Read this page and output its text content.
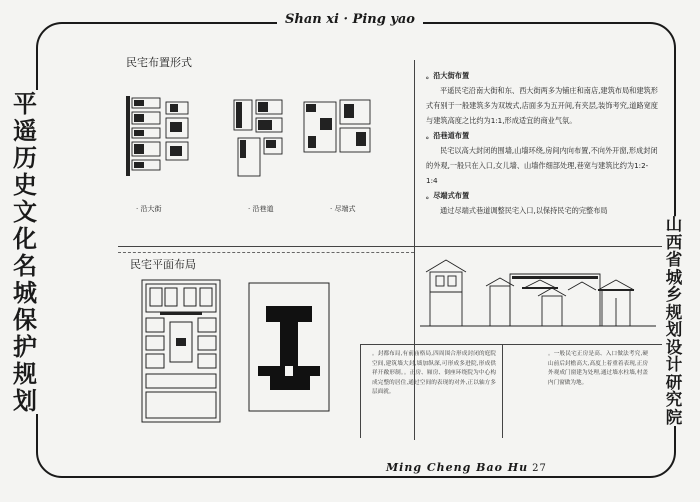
Shan xi · Ping yao
Ming Cheng Bao Hu 27
平遥历史文化名城保护规划
山西省城乡规划设计研究院
民宅布置形式
· 沿大街	· 沿巷道	· 尽端式

。沿大街布置

平遥民宅沿南大街和东、西大街两多为铺庄和南店,建筑布局和建筑形式有别于一般建筑多为双坡式,店面多为五开间,有夹层,装饰考究,道路宽度与建筑高度之比约为1:1,形成适宜的商业气氛。

。沿巷道布置

民宅以高大封闭的围墙,山墙环绕,房间内向布置,不向外开窗,形成封闭的外观,一般只在入口,女儿墙、山墙作细部处理,巷宽与建筑比约为1:2-1:4

。尽端式布置

通过尽端式巷道调整民宅入口,以保持民宅的完整布局

民宅平面布局
。封都布局,有前庙格局,四周围合形成封闭的庭院空间,建筑墙大封,墙加纵深,可形成多进院,形成供祥开敞形制。。正房、厢房、倒座环绕院为中心构成完整的居住,通过空间的表现的对外,正以轴方多层面就。
。一般民宅正房是高、入口做法考究,硬山前后封檐高大,高度上着重着表现,正房外观成门窗建为处理,通过墙水柱墙,村盖内门窗做为地。
